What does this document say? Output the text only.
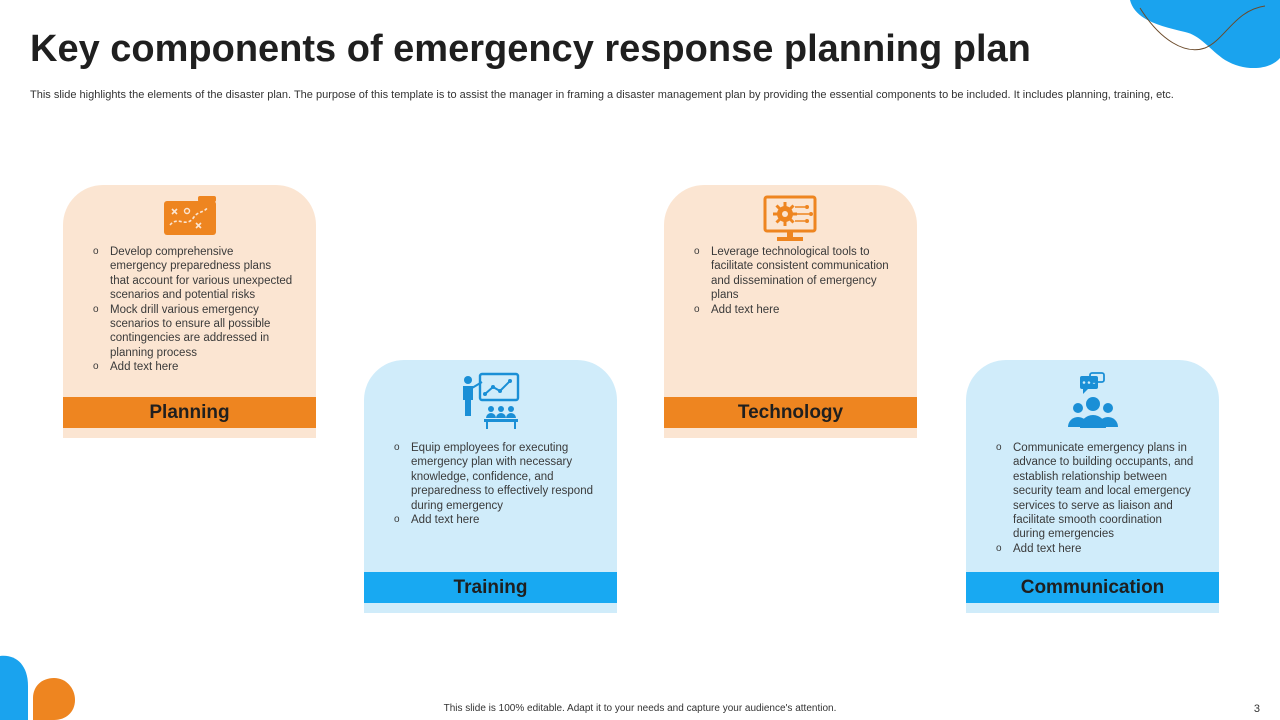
Key components of emergency response planning plan

This slide highlights the elements of the disaster plan. The purpose of this template is to assist the manager in framing a disaster management plan by providing the essential components to be included. It includes planning, training, etc.

o Develop comprehensive emergency preparedness plans that account for various unexpected scenarios and potential risks
o Mock drill various emergency scenarios to ensure all possible contingencies are addressed in planning process
o Add text here
Planning
o Leverage technological tools to facilitate consistent communication and dissemination of emergency plans
o Add text here
Technology
o Equip employees for executing emergency plan with necessary knowledge, confidence, and preparedness to effectively respond during emergency
o Add text here
Training
o Communicate emergency plans in advance to building occupants, and establish relationship between security team and local emergency services to serve as liaison and facilitate smooth coordination during emergencies
o Add text here
Communication
This slide is 100% editable. Adapt it to your needs and capture your audience's attention.	3
